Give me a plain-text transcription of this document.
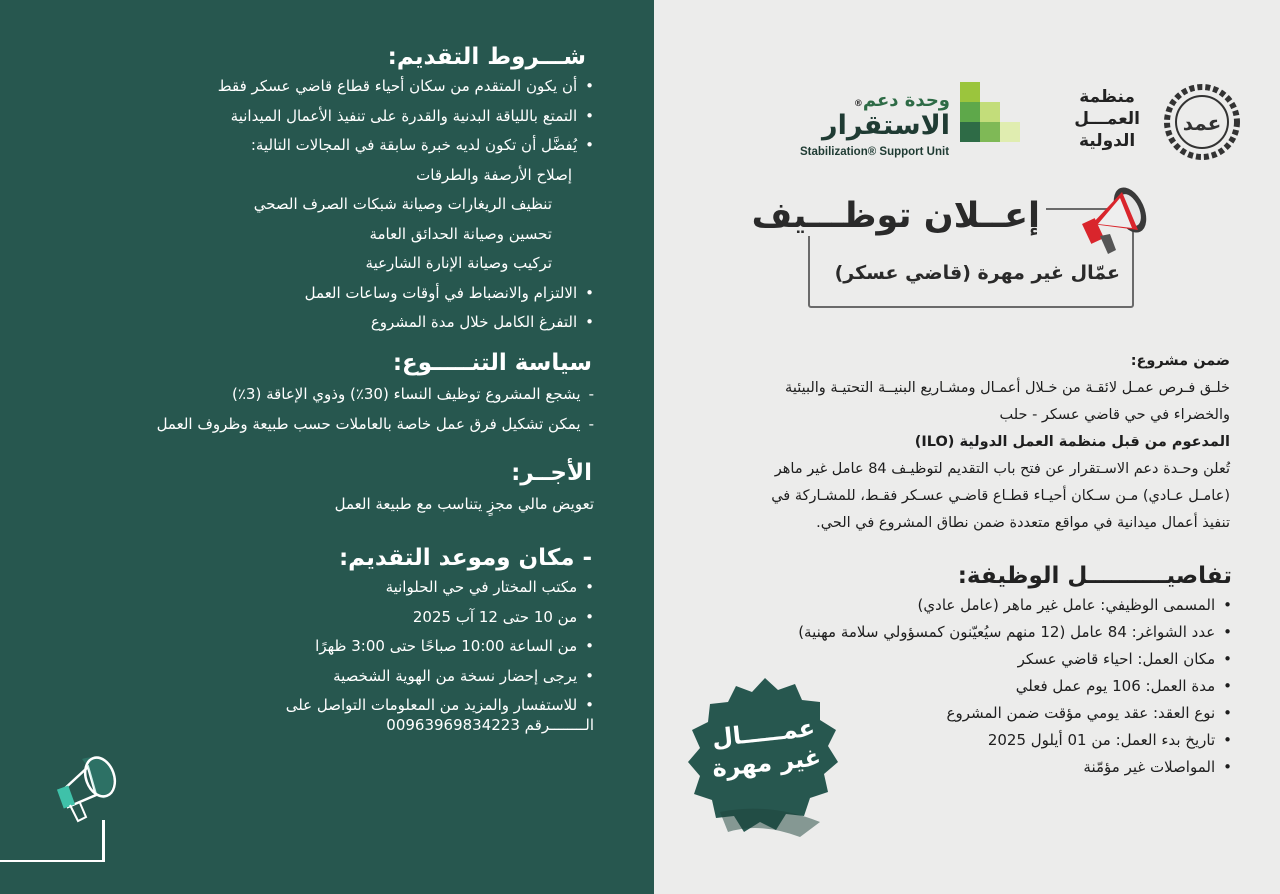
شـــروط التقديم:
• أن يكون المتقدم من سكان أحياء قطاع قاضي عسكر فقط
• التمتع باللياقة البدنية والقدرة على تنفيذ الأعمال الميدانية
• يُفضَّل أن تكون لديه خبرة سابقة في المجالات التالية:
إصلاح الأرصفة والطرقات
تنظيف الريغارات وصيانة شبكات الصرف الصحي
تحسين وصيانة الحدائق العامة
تركيب وصيانة الإنارة الشارعية
• الالتزام والانضباط في أوقات وساعات العمل
• التفرغ الكامل خلال مدة المشروع
سياسة التنـــــوع:
- يشجع المشروع توظيف النساء (30٪) وذوي الإعاقة (3٪)
- يمكن تشكيل فرق عمل خاصة بالعاملات حسب طبيعة وظروف العمل
الأجــر:
تعويض مالي مجزٍ يتناسب مع طبيعة العمل
- مكان وموعد التقديم:
• مكتب المختار في حي الحلوانية
• من 10 حتى 12 آب 2025
• من الساعة 10:00 صباحًا حتى 3:00 ظهرًا
• يرجى إحضار نسخة من الهوية الشخصية
• للاستفسار والمزيد من المعلومات التواصل على
الــــــــرقم 00963969834223
منظمة
العمـــل
الدولية
عمد
وحدة دعم®
الاستقرار
Stabilization® Support Unit
إعــلان توظـــيف
عمّال غير مهرة (قاضي عسكر)
ضمن مشروع:
خلـق فـرص عمـل لائقـة من خـلال أعمـال ومشـاريع البنيــة التحتيـة والبيئية
والخضراء في حي قاضي عسكر - حلب
المدعوم من قبل منظمة العمل الدولية (ILO)
تُعلن وحـدة دعم الاسـتقرار عن فتح باب التقديم لتوظيـف 84 عامل غير ماهر
(عامـل عـادي) مـن سـكان أحيـاء قطـاع قاضـي عسـكر فقـط، للمشـاركة في
تنفيذ أعمال ميدانية في مواقع متعددة ضمن نطاق المشروع في الحي.
تفاصيــــــــــل الوظيفة:
• المسمى الوظيفي: عامل غير ماهر (عامل عادي)
• عدد الشواغر: 84 عامل (12 منهم سيُعيّنون كمسؤولي سلامة مهنية)
• مكان العمل: احياء قاضي عسكر
• مدة العمل: 106 يوم عمل فعلي
• نوع العقد: عقد يومي مؤقت ضمن المشروع
• تاريخ بدء العمل: من 01 أيلول 2025
• المواصلات غير مؤمّنة
عمـــــال
غير مهرة
